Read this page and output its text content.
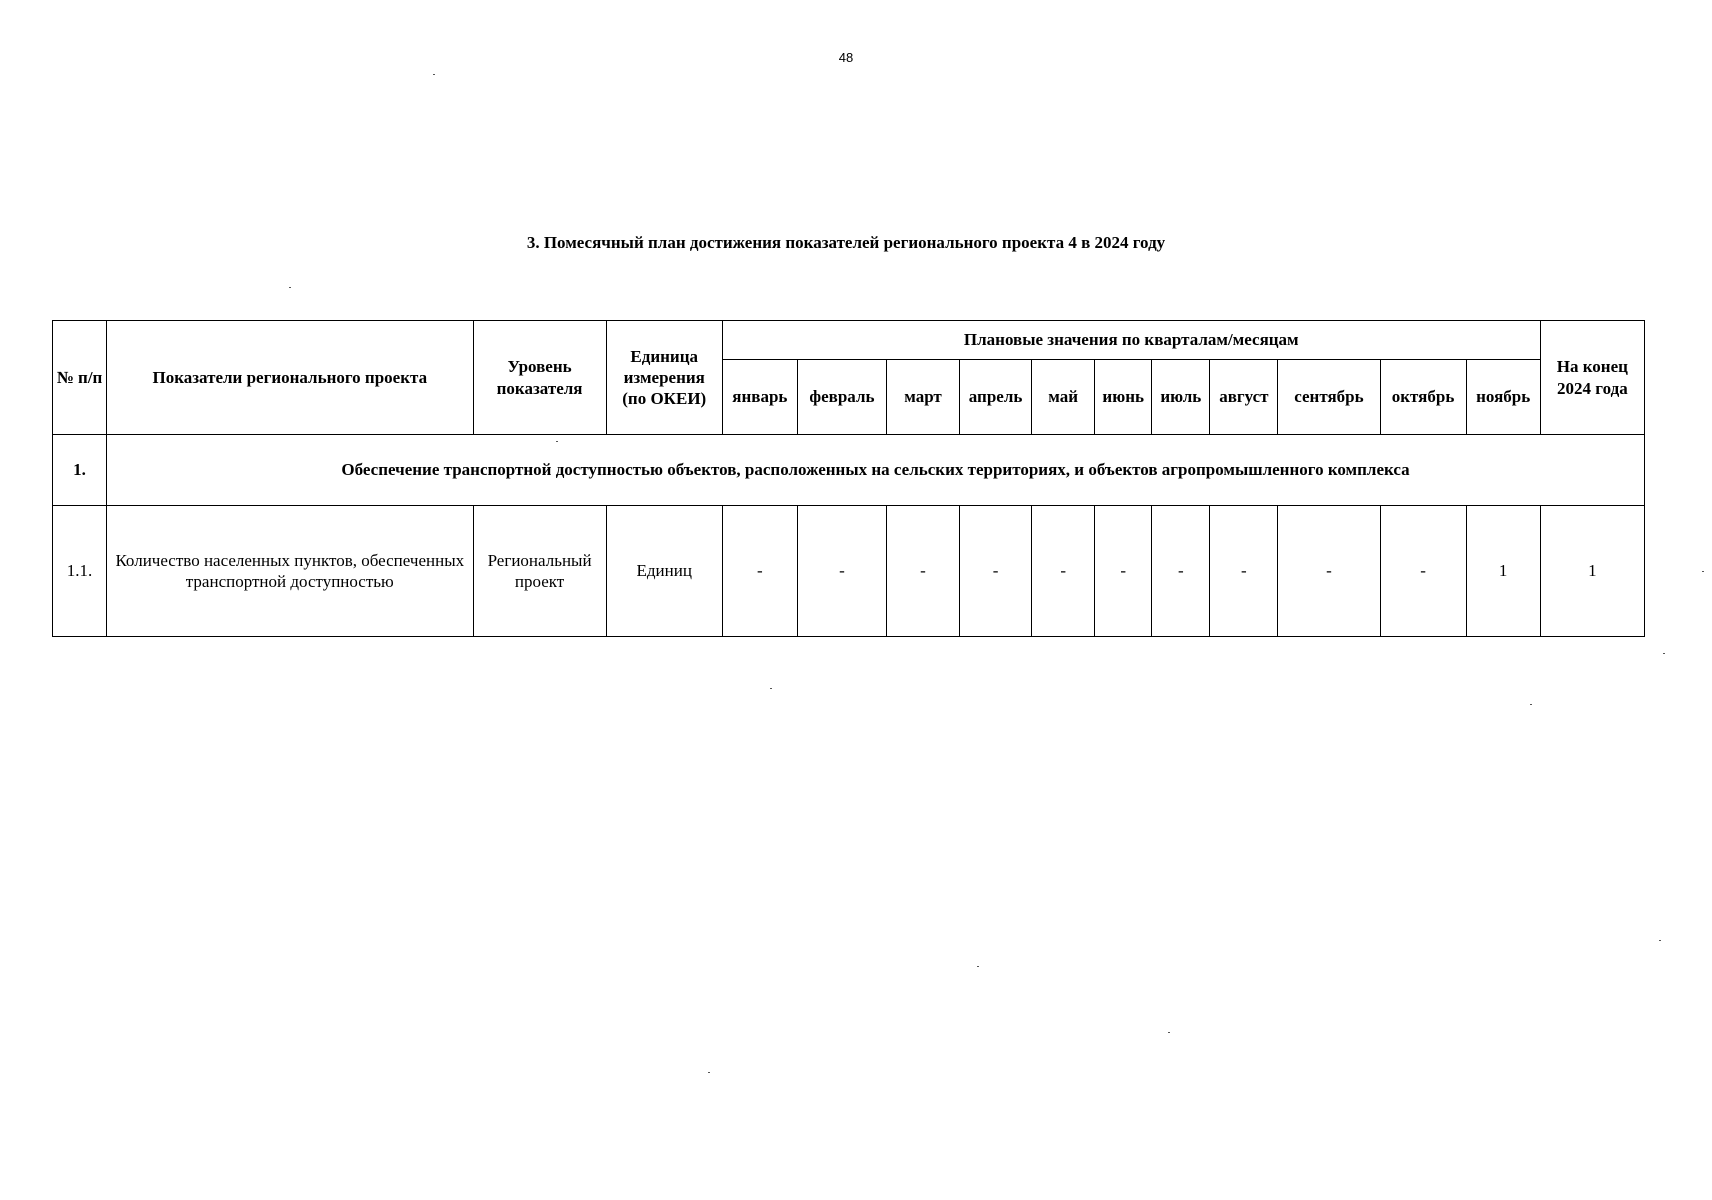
48
3. Помесячный план достижения показателей регионального проекта 4 в 2024 году
№ п/п	Показатели регионального проекта	Уровень показателя	Единица измерения (по ОКЕИ)	Плановые значения по кварталам/месяцам											На конец 2024 года
				январь	февраль	март	апрель	май	июнь	июль	август	сентябрь	октябрь	ноябрь	
1.	Обеспечение транспортной доступностью объектов, расположенных на сельских территориях, и объектов агропромышленного комплекса														
1.1.	Количество населенных пунктов, обеспеченных транспортной доступностью	Региональный проект	Единиц	-	-	-	-	-	-	-	-	-	-	1	1
